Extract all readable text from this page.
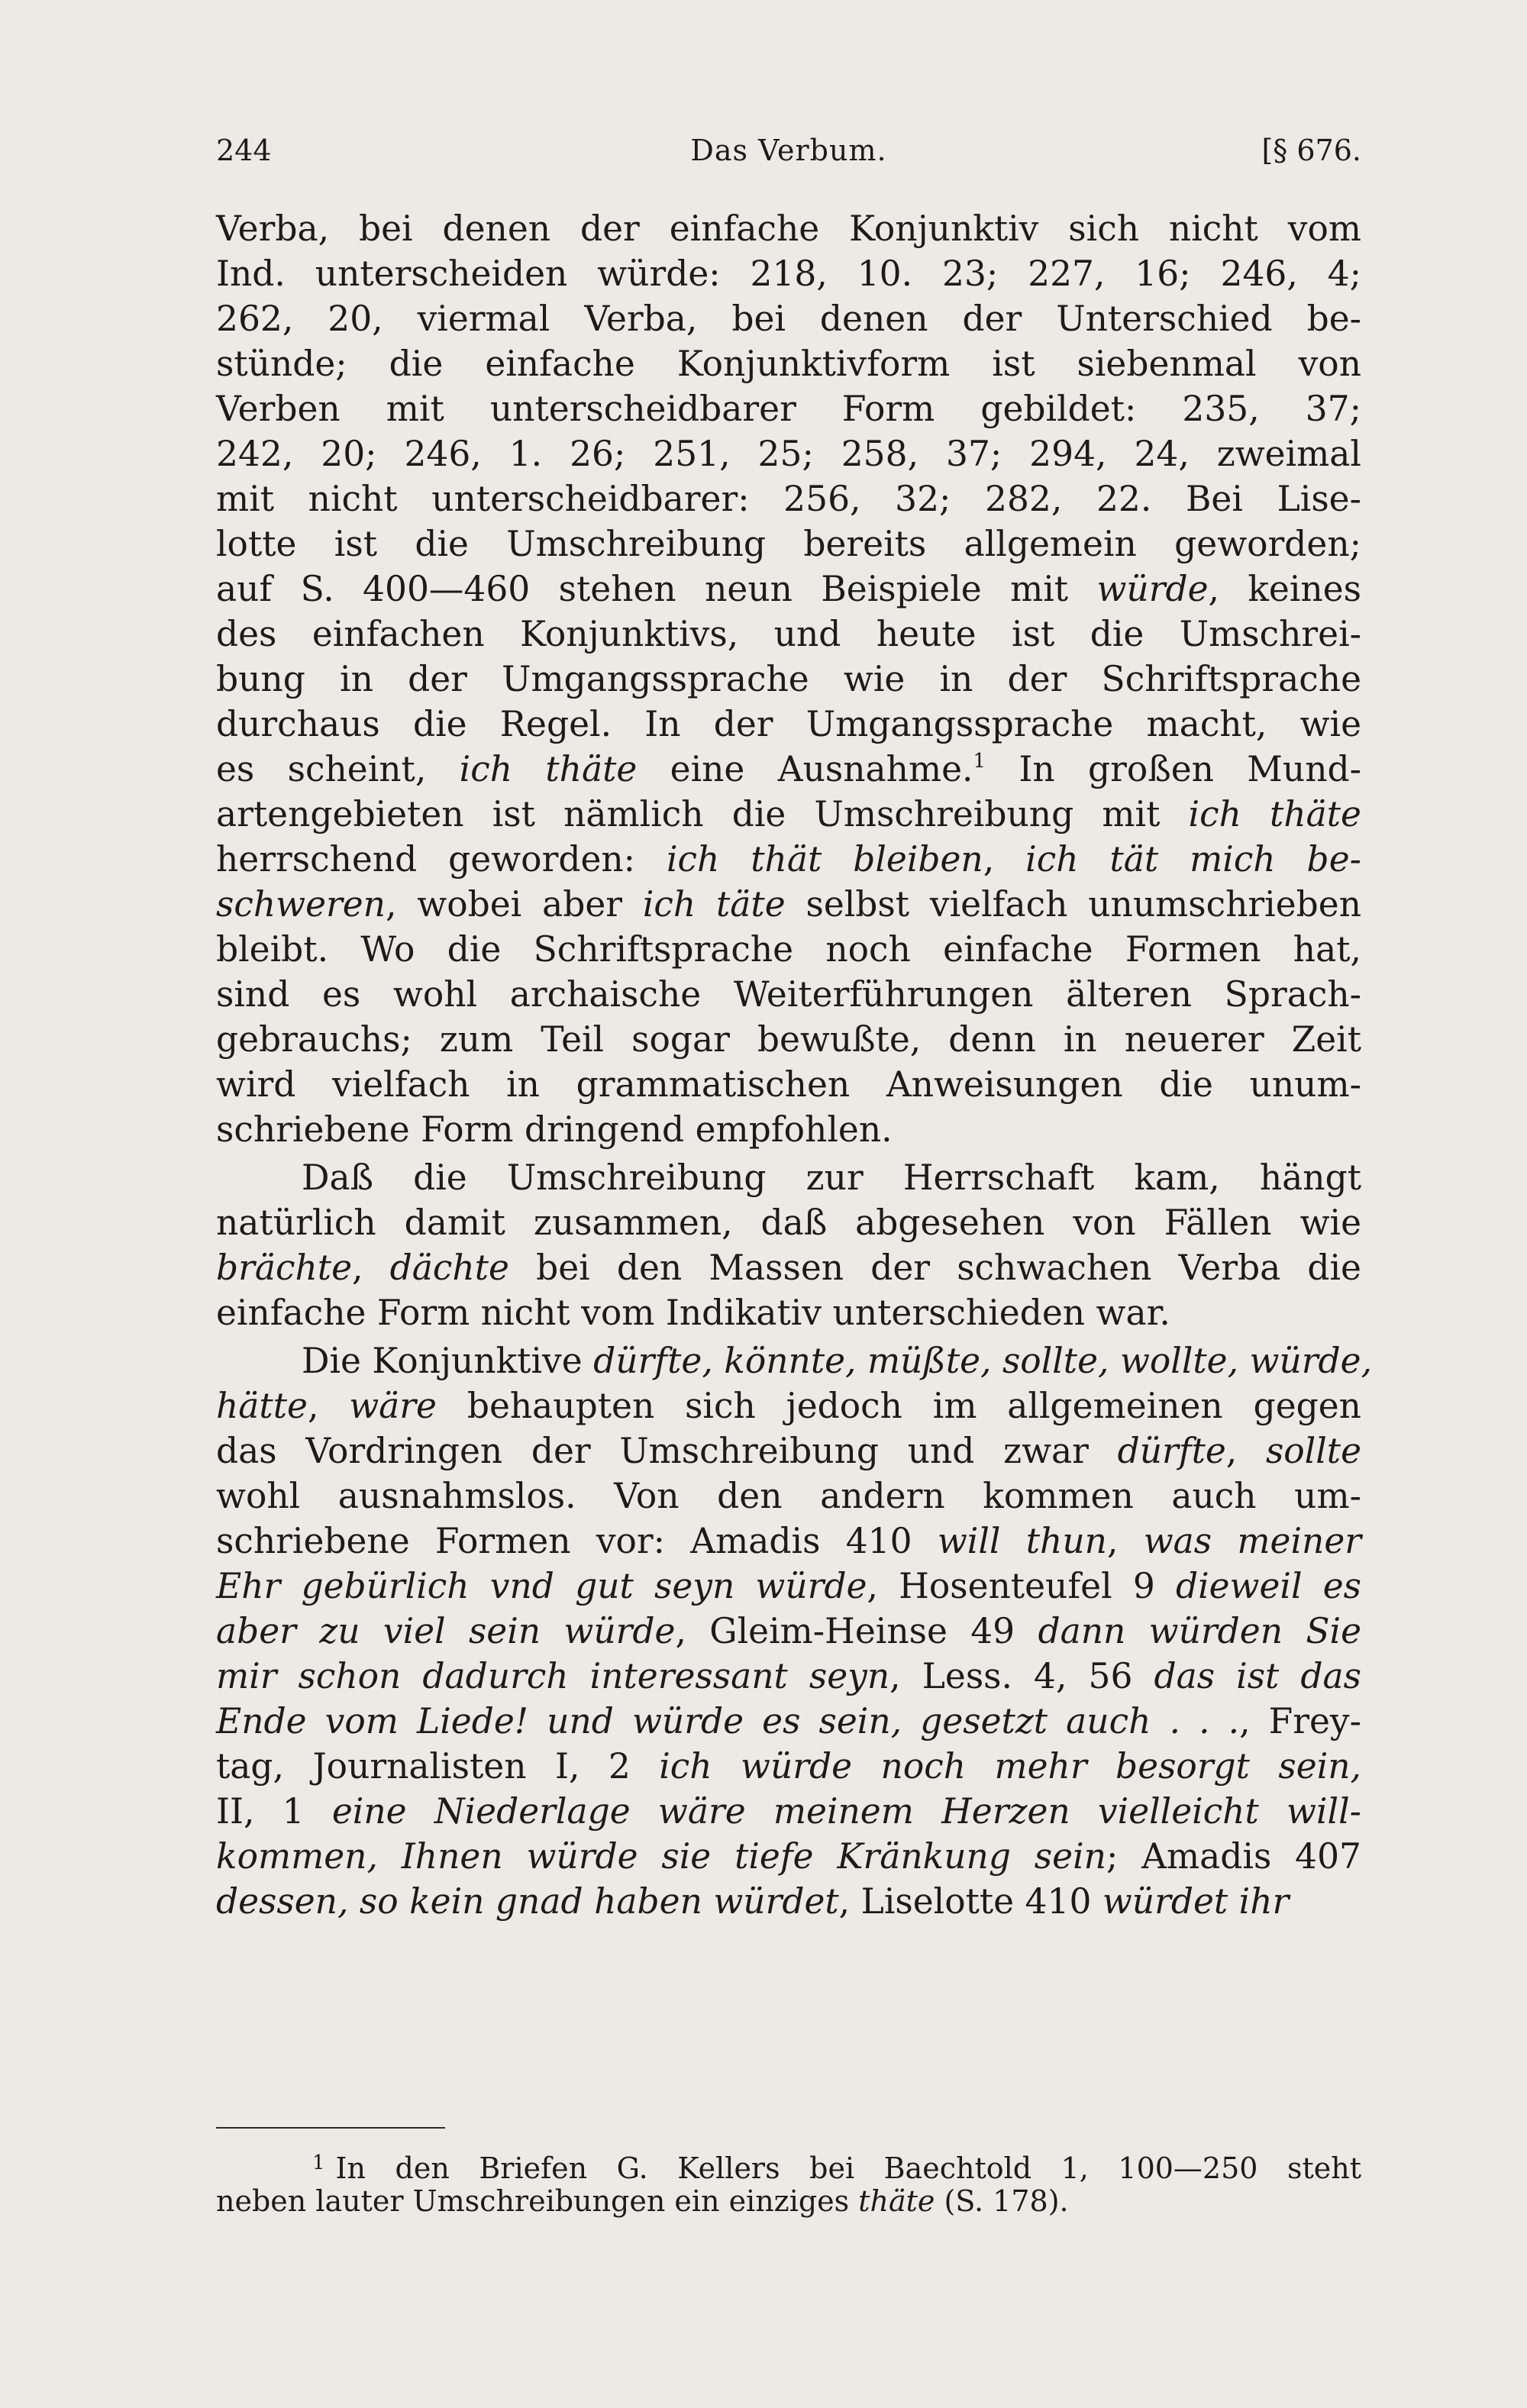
244	Das Verbum.	[§ 676.
Verba, bei denen der einfache Konjunktiv sich nicht vom
Ind. unterscheiden würde: 218, 10. 23; 227, 16; 246, 4;
262, 20, viermal Verba, bei denen der Unterschied be-
stünde; die einfache Konjunktivform ist siebenmal von
Verben mit unterscheidbarer Form gebildet: 235, 37;
242, 20; 246, 1. 26; 251, 25; 258, 37; 294, 24, zweimal
mit nicht unterscheidbarer: 256, 32; 282, 22. Bei Lise-
lotte ist die Umschreibung bereits allgemein geworden;
auf S. 400—460 stehen neun Beispiele mit würde, keines
des einfachen Konjunktivs, und heute ist die Umschrei-
bung in der Umgangssprache wie in der Schriftsprache
durchaus die Regel. In der Umgangssprache macht, wie
es scheint, ich thäte eine Ausnahme.$^1$ In großen Mund-
artengebieten ist nämlich die Umschreibung mit ich thäte
herrschend geworden: ich thät bleiben, ich tät mich be-
schweren, wobei aber ich täte selbst vielfach unumschrieben
bleibt. Wo die Schriftsprache noch einfache Formen hat,
sind es wohl archaische Weiterführungen älteren Sprach-
gebrauchs; zum Teil sogar bewußte, denn in neuerer Zeit
wird vielfach in grammatischen Anweisungen die unum-
schriebene Form dringend empfohlen.
Daß die Umschreibung zur Herrschaft kam, hängt
natürlich damit zusammen, daß abgesehen von Fällen wie
brächte, dächte bei den Massen der schwachen Verba die
einfache Form nicht vom Indikativ unterschieden war.
Die Konjunktive dürfte, könnte, müßte, sollte, wollte, würde,
hätte, wäre behaupten sich jedoch im allgemeinen gegen
das Vordringen der Umschreibung und zwar dürfte, sollte
wohl ausnahmslos. Von den andern kommen auch um-
schriebene Formen vor: Amadis 410 will thun, was meiner
Ehr gebürlich vnd gut seyn würde, Hosenteufel 9 dieweil es
aber zu viel sein würde, Gleim-Heinse 49 dann würden Sie
mir schon dadurch interessant seyn, Less. 4, 56 das ist das
Ende vom Liede! und würde es sein, gesetzt auch . . ., Frey-
tag, Journalisten I, 2 ich würde noch mehr besorgt sein,
II, 1 eine Niederlage wäre meinem Herzen vielleicht will-
kommen, Ihnen würde sie tiefe Kränkung sein; Amadis 407
dessen, so kein gnad haben würdet, Liselotte 410 würdet ihr
$^1$ In den Briefen G. Kellers bei Baechtold 1, 100—250 steht
neben lauter Umschreibungen ein einziges thäte (S. 178).
